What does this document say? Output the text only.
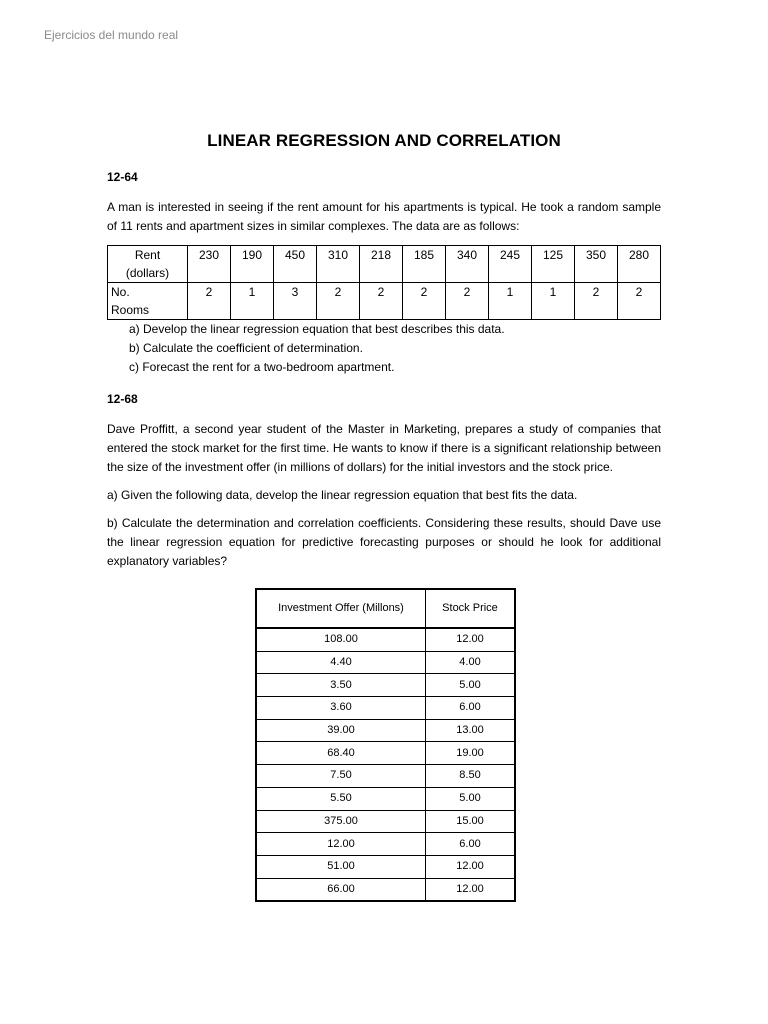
Ejercicios del mundo real
LINEAR REGRESSION AND CORRELATION

12-64

A man is interested in seeing if the rent amount for his apartments is typical. He took a random sample of 11 rents and apartment sizes in similar complexes. The data are as follows:

Rent
(dollars)	230	190	450	310	218	185	340	245	125	350	280

No.
Rooms	2	1	3	2	2	2	2	1	1	2	2
a) Develop the linear regression equation that best describes this data.
b) Calculate the coefficient of determination.
c) Forecast the rent for a two-bedroom apartment.

12-68

Dave Proffitt, a second year student of the Master in Marketing, prepares a study of companies that entered the stock market for the first time. He wants to know if there is a significant relationship between the size of the investment offer (in millions of dollars) for the initial investors and the stock price.

a) Given the following data, develop the linear regression equation that best fits the data.

b) Calculate the determination and correlation coefficients. Considering these results, should Dave use the linear regression equation for predictive forecasting purposes or should he look for additional explanatory variables?

Investment Offer (Millons)	Stock Price
108.00	12.00
4.40	4.00
3.50	5.00
3.60	6.00
39.00	13.00
68.40	19.00
7.50	8.50
5.50	5.00
375.00	15.00
12.00	6.00
51.00	12.00
66.00	12.00
